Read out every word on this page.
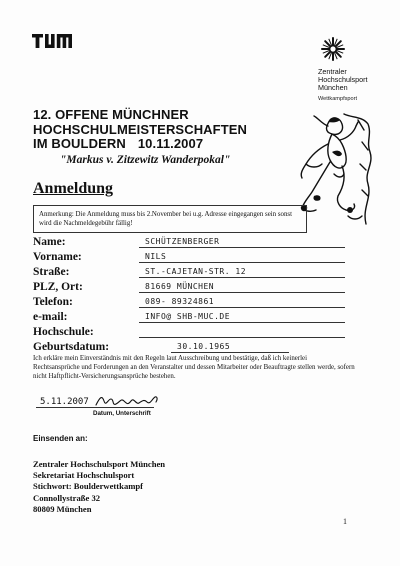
Zentraler
Hochschulsport
München
Wettkampfsport
12. OFFENE MÜNCHNER
HOCHSCHULMEISTERSCHAFTEN
IM BOULDERN 10.11.2007
"Markus v. Zitzewitz Wanderpokal"
Anmeldung
Anmerkung: Die Anmeldung muss bis 2.November bei u.g. Adresse eingegangen sein sonst wird die Nachmeldegebühr fällig!
Name:	SCHÜTZENBERGER
Vorname:	NILS
Straße:	ST.-CAJETAN-STR. 12
PLZ, Ort:	81669 MÜNCHEN
Telefon:	089- 89324861
e-mail:	INFO@ SHB-MUC.DE
Hochschule:
Geburtsdatum:	30.10.1965
Ich erkläre mein Einverständnis mit den Regeln laut Ausschreibung und bestätige, daß ich keinerlei Rechtsansprüche und Forderungen an den Veranstalter und dessen Mitarbeiter oder Beauftragte stellen werde, sofern nicht Haftpflicht-Versicherungsansprüche bestehen.
5.11.2007
Datum, Unterschrift
Einsenden an:
Zentraler Hochschulsport München
Sekretariat Hochschulsport
Stichwort: Boulderwettkampf
Connollystraße 32
80809 München
1
